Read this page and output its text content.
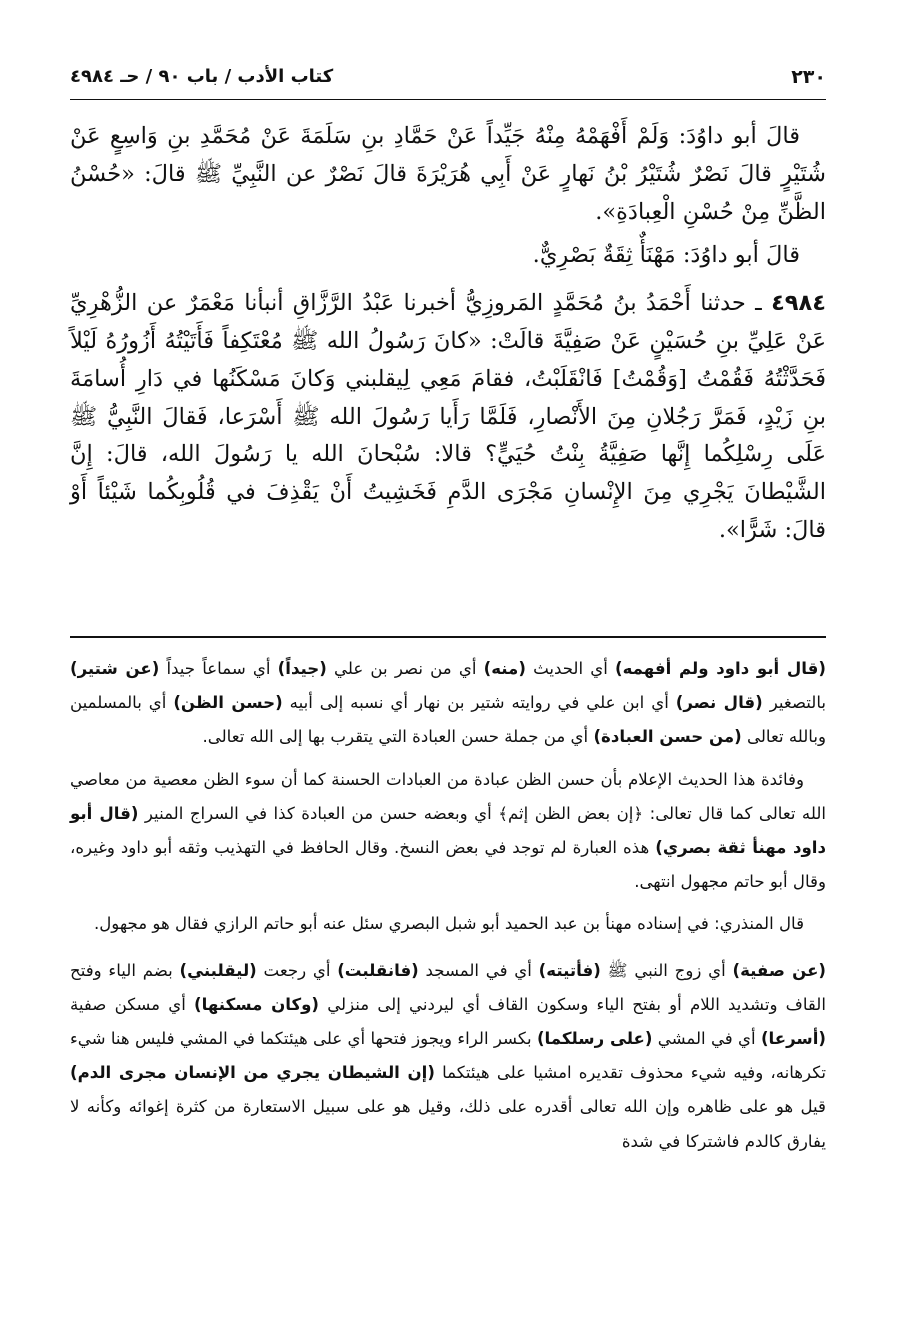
٢٣٠
كتاب الأدب / باب ٩٠ / حـ ٤٩٨٤

قالَ أبو داوُدَ: وَلَمْ أَفْهَمْهُ مِنْهُ جَيِّداً عَنْ حَمَّادِ بنِ سَلَمَةَ عَنْ مُحَمَّدِ بنِ وَاسِعٍ عَنْ شُتَيْرٍ قالَ نَصْرٌ شُتَيْرُ بْنُ نَهارٍ عَنْ أَبِي هُرَيْرَةَ قالَ نَصْرٌ عن النَّبِيِّ ﷺ قالَ: «حُسْنُ الظَّنِّ مِنْ حُسْنِ الْعِبادَةِ».

قالَ أبو داوُدَ: مَهْنَأٌ ثِقَةٌ بَصْرِيٌّ.

٤٩٨٤ ـ حدثنا أَحْمَدُ بنُ مُحَمَّدٍ المَروزِيُّ أخبرنا عَبْدُ الرَّزَّاقِ أنبأنا مَعْمَرٌ عن الزُّهْرِيِّ عَنْ عَلِيِّ بنِ حُسَيْنٍ عَنْ صَفِيَّةَ قالَتْ: «كانَ رَسُولُ الله ﷺ مُعْتَكِفاً فَأَتَيْتُهُ أَزُورُهُ لَيْلاً فَحَدَّثْتُهُ فَقُمْتُ [وَقُمْتُ] فَانْقَلَبْتُ، فقامَ مَعِي لِيقلبني وَكانَ مَسْكَنُها في دَارِ أُسامَةَ بنِ زَيْدٍ، فَمَرَّ رَجُلانِ مِنَ الأَنْصارِ، فَلَمَّا رَأَيا رَسُولَ الله ﷺ أَسْرَعا، فَقالَ النَّبِيُّ ﷺ عَلَى رِسْلِكُما إِنَّها صَفِيَّةُ بِنْتُ حُيَيٍّ؟ قالا: سُبْحانَ الله يا رَسُولَ الله، قالَ: إِنَّ الشَّيْطانَ يَجْرِي مِنَ الإِنْسانِ مَجْرَى الدَّمِ فَخَشِيتُ أَنْ يَقْذِفَ في قُلُوبِكُما شَيْئاً أَوْ قالَ: شَرًّا».

(قال أبو داود ولم أفهمه) أي الحديث (منه) أي من نصر بن علي (جيداً) أي سماعاً جيداً (عن شتير) بالتصغير (قال نصر) أي ابن علي في روايته شتير بن نهار أي نسبه إلى أبيه (حسن الظن) أي بالمسلمين وبالله تعالى (من حسن العبادة) أي من جملة حسن العبادة التي يتقرب بها إلى الله تعالى.

وفائدة هذا الحديث الإعلام بأن حسن الظن عبادة من العبادات الحسنة كما أن سوء الظن معصية من معاصي الله تعالى كما قال تعالى: ﴿إن بعض الظن إثم﴾ أي وبعضه حسن من العبادة كذا في السراج المنير (قال أبو داود مهنأ ثقة بصري) هذه العبارة لم توجد في بعض النسخ. وقال الحافظ في التهذيب وثقه أبو داود وغيره، وقال أبو حاتم مجهول انتهى.

قال المنذري: في إسناده مهنأ بن عبد الحميد أبو شبل البصري سئل عنه أبو حاتم الرازي فقال هو مجهول.

(عن صفية) أي زوج النبي ﷺ (فأتيته) أي في المسجد (فانقلبت) أي رجعت (ليقلبني) بضم الياء وفتح القاف وتشديد اللام أو بفتح الياء وسكون القاف أي ليردني إلى منزلي (وكان مسكنها) أي مسكن صفية (أسرعا) أي في المشي (على رسلكما) بكسر الراء ويجوز فتحها أي على هيئتكما في المشي فليس هنا شيء تكرهانه، وفيه شيء محذوف تقديره امشيا على هيئتكما (إن الشيطان يجري من الإنسان مجرى الدم) قيل هو على ظاهره وإن الله تعالى أقدره على ذلك، وقيل هو على سبيل الاستعارة من كثرة إغوائه وكأنه لا يفارق كالدم فاشتركا في شدة
